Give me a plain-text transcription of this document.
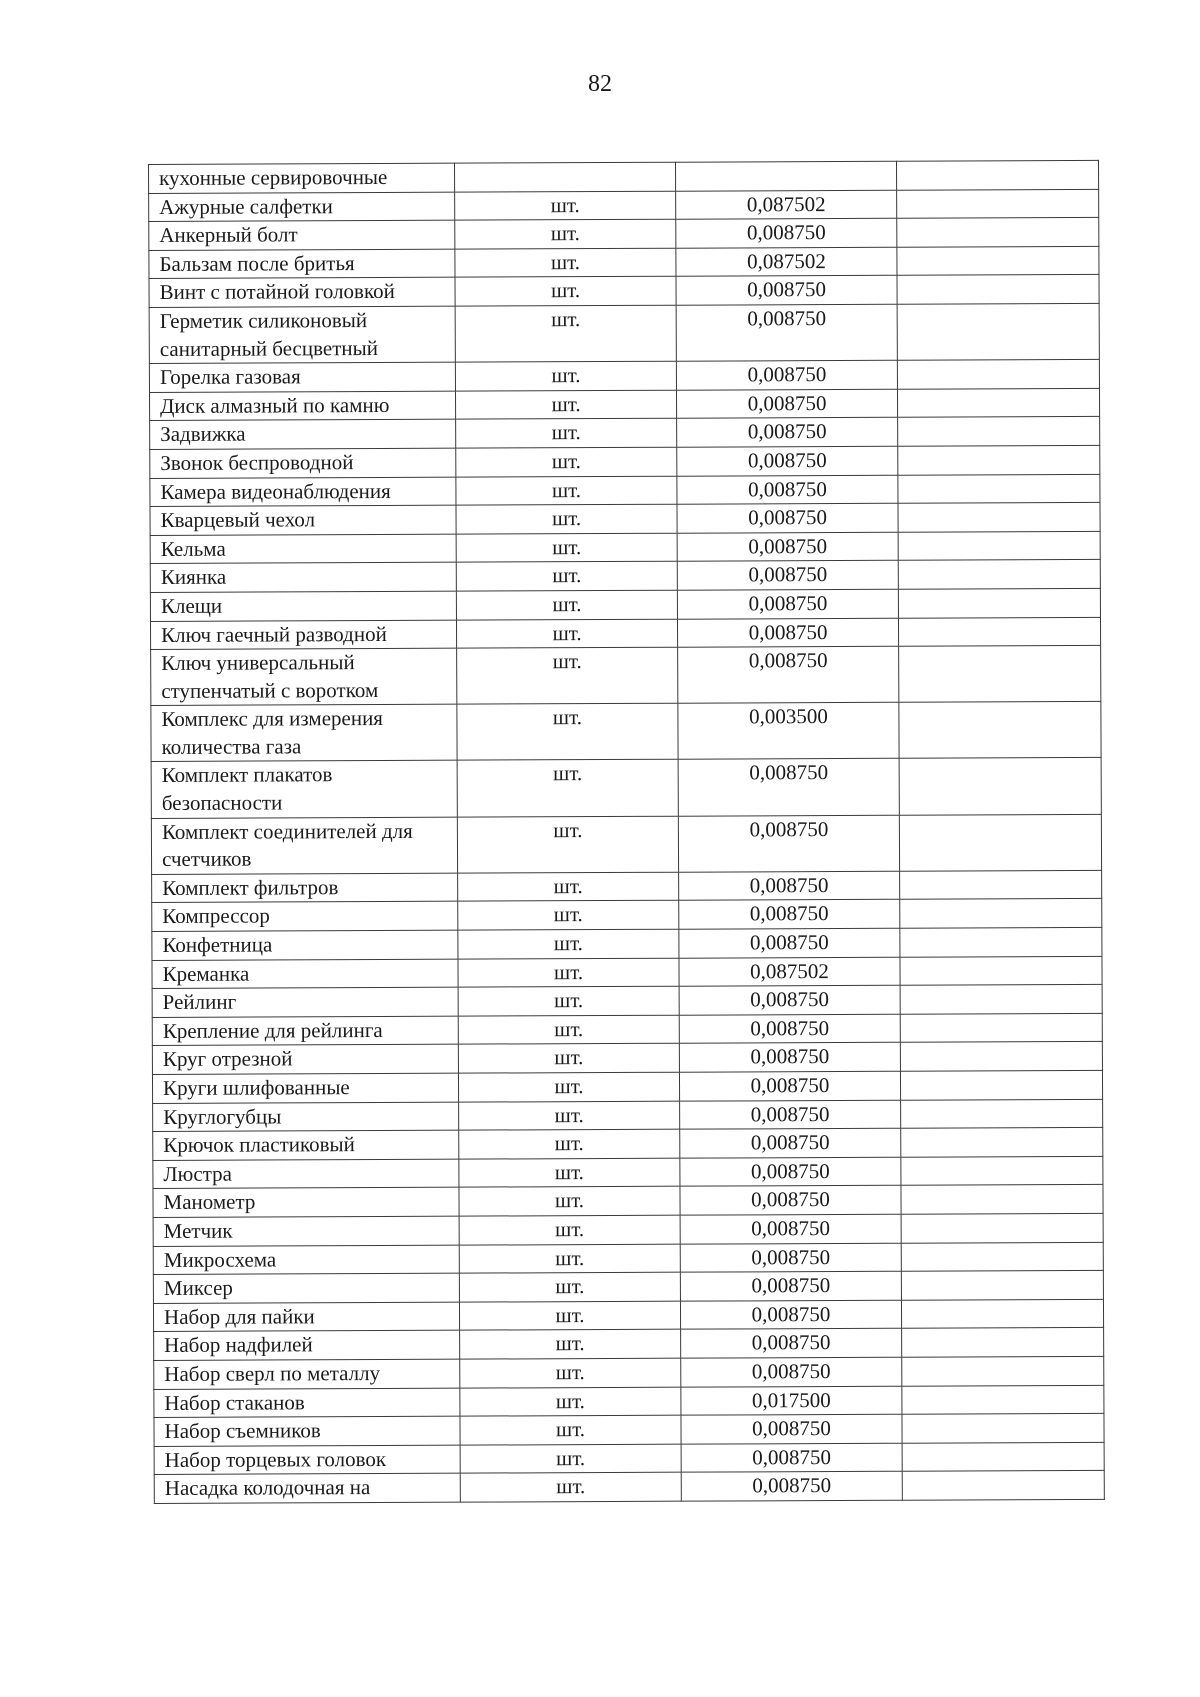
82
кухонные сервировочные			
Ажурные салфетки	шт.	0,087502	
Анкерный болт	шт.	0,008750	
Бальзам после бритья	шт.	0,087502	
Винт с потайной головкой	шт.	0,008750	
Герметик силиконовый санитарный бесцветный	шт.	0,008750	
Горелка газовая	шт.	0,008750	
Диск алмазный по камню	шт.	0,008750	
Задвижка	шт.	0,008750	
Звонок беспроводной	шт.	0,008750	
Камера видеонаблюдения	шт.	0,008750	
Кварцевый чехол	шт.	0,008750	
Кельма	шт.	0,008750	
Киянка	шт.	0,008750	
Клещи	шт.	0,008750	
Ключ гаечный разводной	шт.	0,008750	
Ключ универсальный ступенчатый с воротком	шт.	0,008750	
Комплекс для измерения количества газа	шт.	0,003500	
Комплект плакатов безопасности	шт.	0,008750	
Комплект соединителей для счетчиков	шт.	0,008750	
Комплект фильтров	шт.	0,008750	
Компрессор	шт.	0,008750	
Конфетница	шт.	0,008750	
Креманка	шт.	0,087502	
Рейлинг	шт.	0,008750	
Крепление для рейлинга	шт.	0,008750	
Круг отрезной	шт.	0,008750	
Круги шлифованные	шт.	0,008750	
Круглогубцы	шт.	0,008750	
Крючок пластиковый	шт.	0,008750	
Люстра	шт.	0,008750	
Манометр	шт.	0,008750	
Метчик	шт.	0,008750	
Микросхема	шт.	0,008750	
Миксер	шт.	0,008750	
Набор для пайки	шт.	0,008750	
Набор надфилей	шт.	0,008750	
Набор сверл по металлу	шт.	0,008750	
Набор стаканов	шт.	0,017500	
Набор съемников	шт.	0,008750	
Набор торцевых головок	шт.	0,008750	
Насадка колодочная на	шт.	0,008750	
